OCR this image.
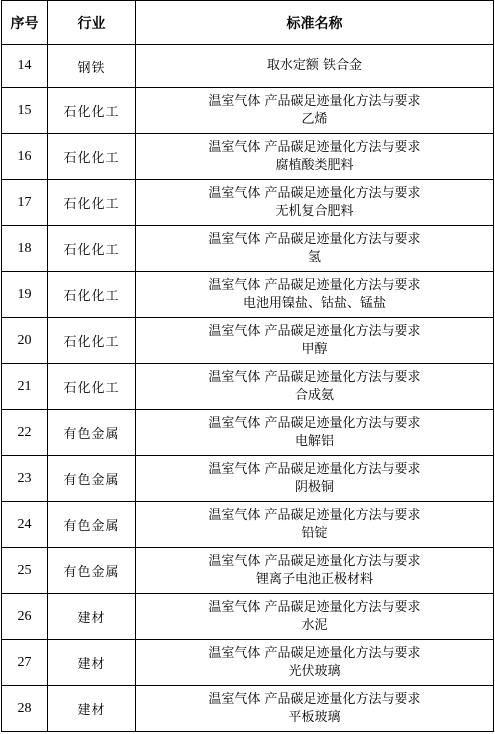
序号	行业	标准名称
14	钢铁	取水定额 铁合金

15	石化化工	温室气体 产品碳足迹量化方法与要求
乙烯

16	石化化工	温室气体 产品碳足迹量化方法与要求
腐植酸类肥料

17	石化化工	温室气体 产品碳足迹量化方法与要求
无机复合肥料

18	石化化工	温室气体 产品碳足迹量化方法与要求
氢

19	石化化工	温室气体 产品碳足迹量化方法与要求
电池用镍盐、钴盐、锰盐

20	石化化工	温室气体 产品碳足迹量化方法与要求
甲醇

21	石化化工	温室气体 产品碳足迹量化方法与要求
合成氨

22	有色金属	温室气体 产品碳足迹量化方法与要求
电解铝

23	有色金属	温室气体 产品碳足迹量化方法与要求
阴极铜

24	有色金属	温室气体 产品碳足迹量化方法与要求
铅锭

25	有色金属	温室气体 产品碳足迹量化方法与要求
锂离子电池正极材料

26	建材	温室气体 产品碳足迹量化方法与要求
水泥

27	建材	温室气体 产品碳足迹量化方法与要求
光伏玻璃

28	建材	温室气体 产品碳足迹量化方法与要求
平板玻璃
